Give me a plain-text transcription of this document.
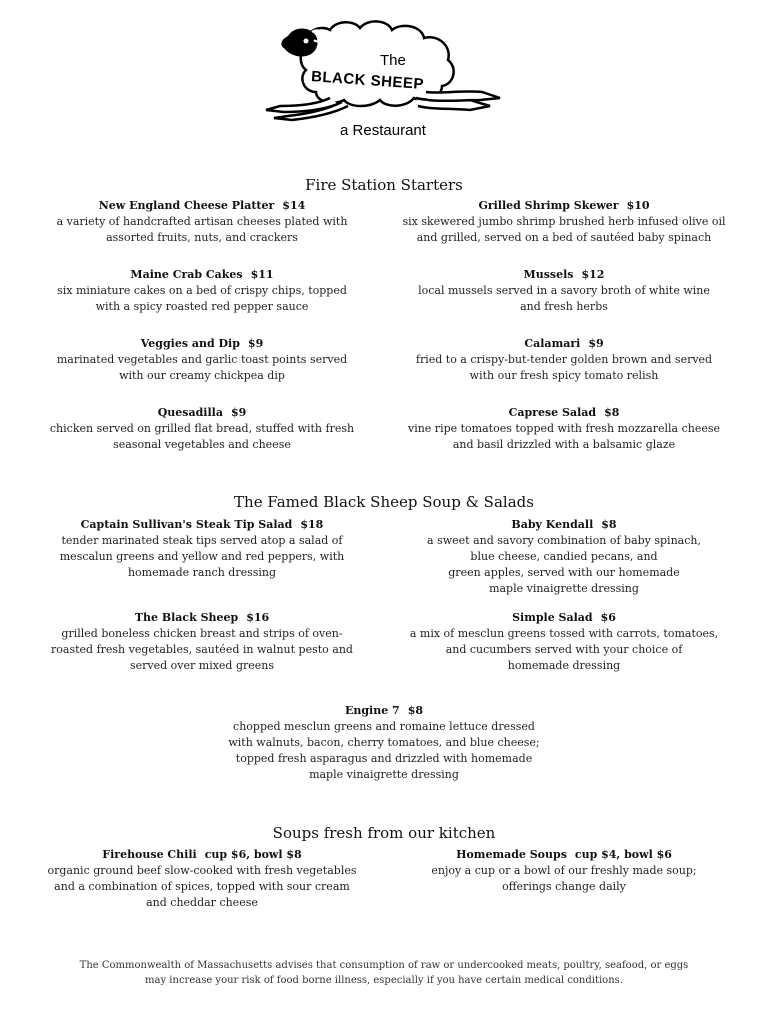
The
BLACK SHEEP
a Restaurant
Fire Station Starters
New England Cheese Platter $14
a variety of handcrafted artisan cheeses plated with
assorted fruits, nuts, and crackers
Grilled Shrimp Skewer $10
six skewered jumbo shrimp brushed herb infused olive oil
and grilled, served on a bed of sautéed baby spinach
Maine Crab Cakes $11
six miniature cakes on a bed of crispy chips, topped
with a spicy roasted red pepper sauce
Mussels $12
local mussels served in a savory broth of white wine
and fresh herbs
Veggies and Dip $9
marinated vegetables and garlic toast points served
with our creamy chickpea dip
Calamari $9
fried to a crispy-but-tender golden brown and served
with our fresh spicy tomato relish
Quesadilla $9
chicken served on grilled flat bread, stuffed with fresh
seasonal vegetables and cheese
Caprese Salad $8
vine ripe tomatoes topped with fresh mozzarella cheese
and basil drizzled with a balsamic glaze
The Famed Black Sheep Soup & Salads
Captain Sullivan's Steak Tip Salad $18
tender marinated steak tips served atop a salad of
mescalun greens and yellow and red peppers, with
homemade ranch dressing
Baby Kendall $8
a sweet and savory combination of baby spinach,
blue cheese, candied pecans, and
green apples, served with our homemade
maple vinaigrette dressing
The Black Sheep $16
grilled boneless chicken breast and strips of oven-
roasted fresh vegetables, sautéed in walnut pesto and
served over mixed greens
Simple Salad $6
a mix of mesclun greens tossed with carrots, tomatoes,
and cucumbers served with your choice of
homemade dressing
Engine 7 $8
chopped mesclun greens and romaine lettuce dressed
with walnuts, bacon, cherry tomatoes, and blue cheese;
topped fresh asparagus and drizzled with homemade
maple vinaigrette dressing
Soups fresh from our kitchen
Firehouse Chili cup $6, bowl $8
organic ground beef slow-cooked with fresh vegetables
and a combination of spices, topped with sour cream
and cheddar cheese
Homemade Soups cup $4, bowl $6
enjoy a cup or a bowl of our freshly made soup;
offerings change daily
The Commonwealth of Massachusetts advises that consumption of raw or undercooked meats, poultry, seafood, or eggs
may increase your risk of food borne illness, especially if you have certain medical conditions.
